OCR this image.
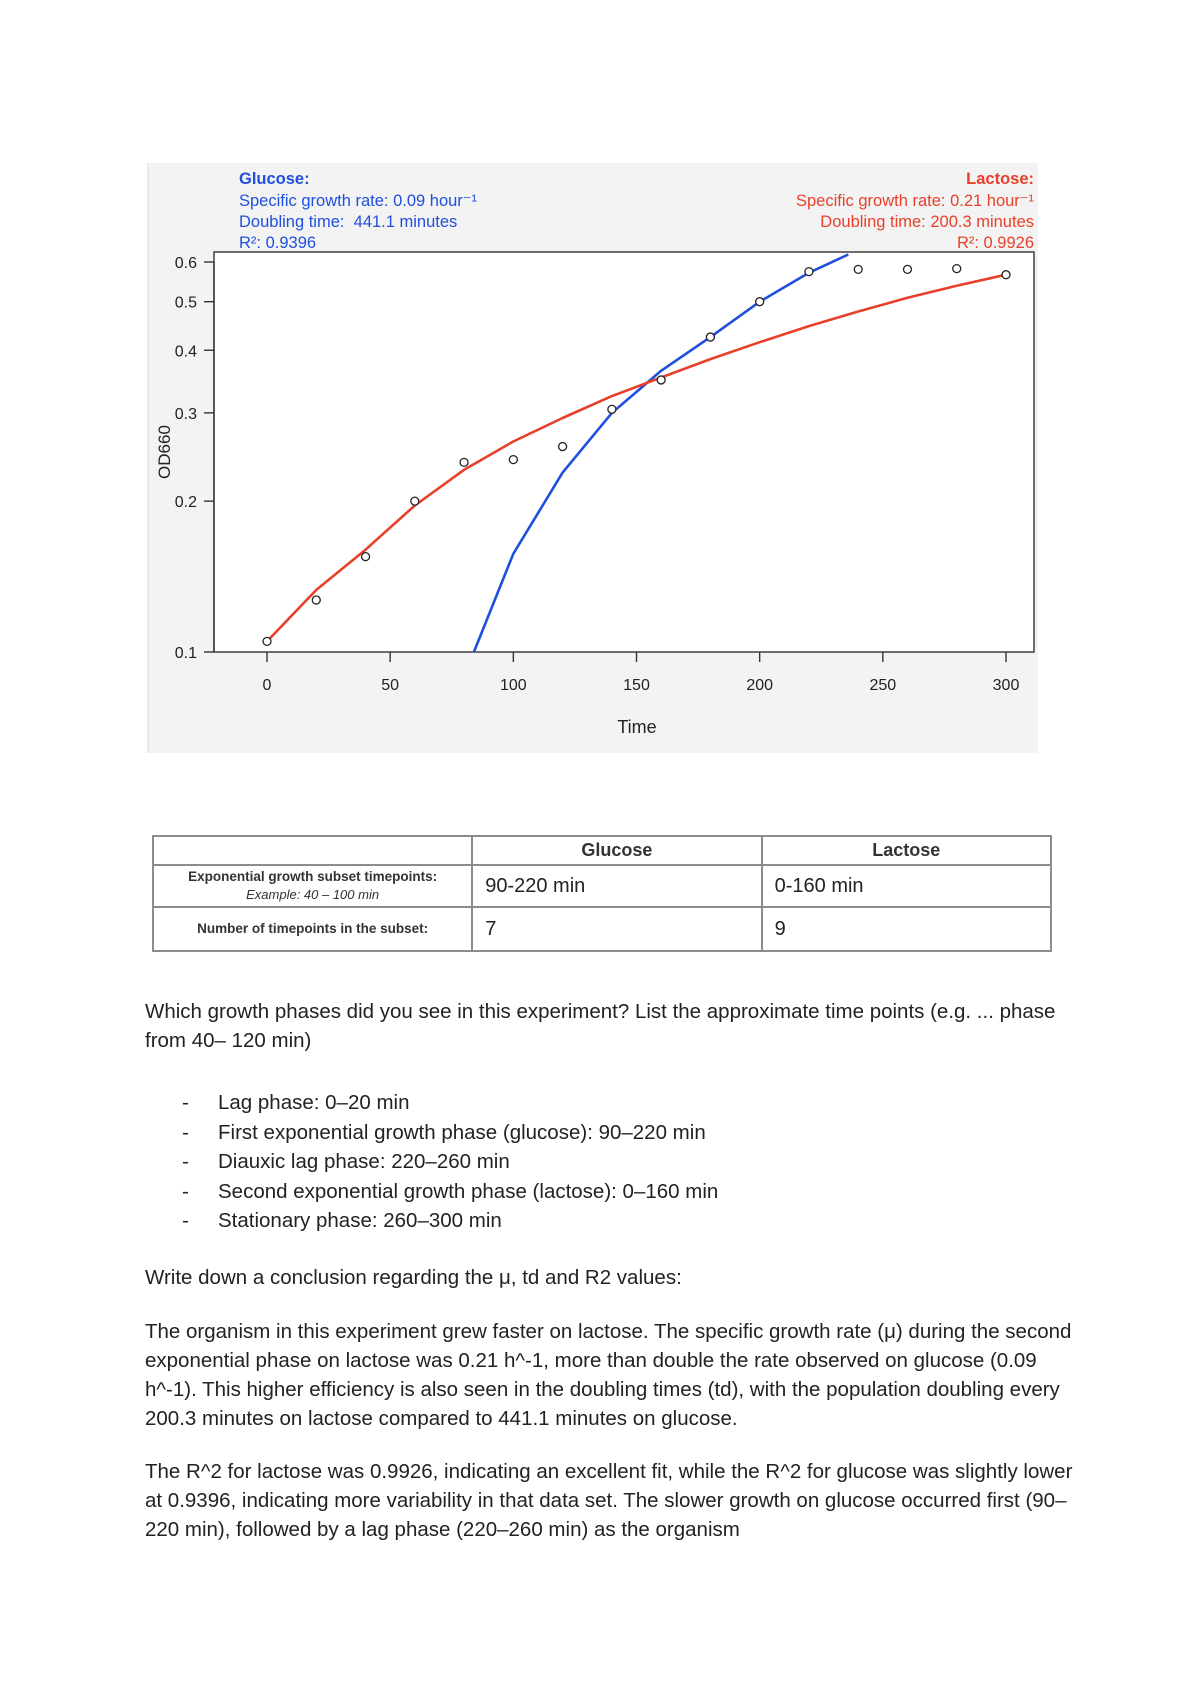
0.1
0.2
0.3
0.4
0.5
0.6
0	50	100	150	200	250	300
Time
OD660
Glucose:
Specific growth rate: 0.09 hour⁻¹
Doubling time:  441.1 minutes
R²: 0.9396
Lactose:
Specific growth rate: 0.21 hour⁻¹
Doubling time: 200.3 minutes
R²: 0.9926
	Glucose	Lactose

Exponential growth subset timepoints:
Example: 40 – 100 min	90-220 min	0-160 min
Number of timepoints in the subset:	7	9

Which growth phases did you see in this experiment? List the approximate time points (e.g. ... phase from 40– 120 min)

- Lag phase: 0–20 min
- First exponential growth phase (glucose): 90–220 min
- Diauxic lag phase: 220–260 min
- Second exponential growth phase (lactose): 0–160 min
- Stationary phase: 260–300 min

Write down a conclusion regarding the μ, td and R2 values:

The organism in this experiment grew faster on lactose. The specific growth rate (μ) during the second exponential phase on lactose was 0.21 h^-1, more than double the rate observed on glucose (0.09 h^-1). This higher efficiency is also seen in the doubling times (td), with the population doubling every 200.3 minutes on lactose compared to 441.1 minutes on glucose.

The R^2 for lactose was 0.9926, indicating an excellent fit, while the R^2 for glucose was slightly lower at 0.9396, indicating more variability in that data set. The slower growth on glucose occurred first (90–220 min), followed by a lag phase (220–260 min) as the organism
